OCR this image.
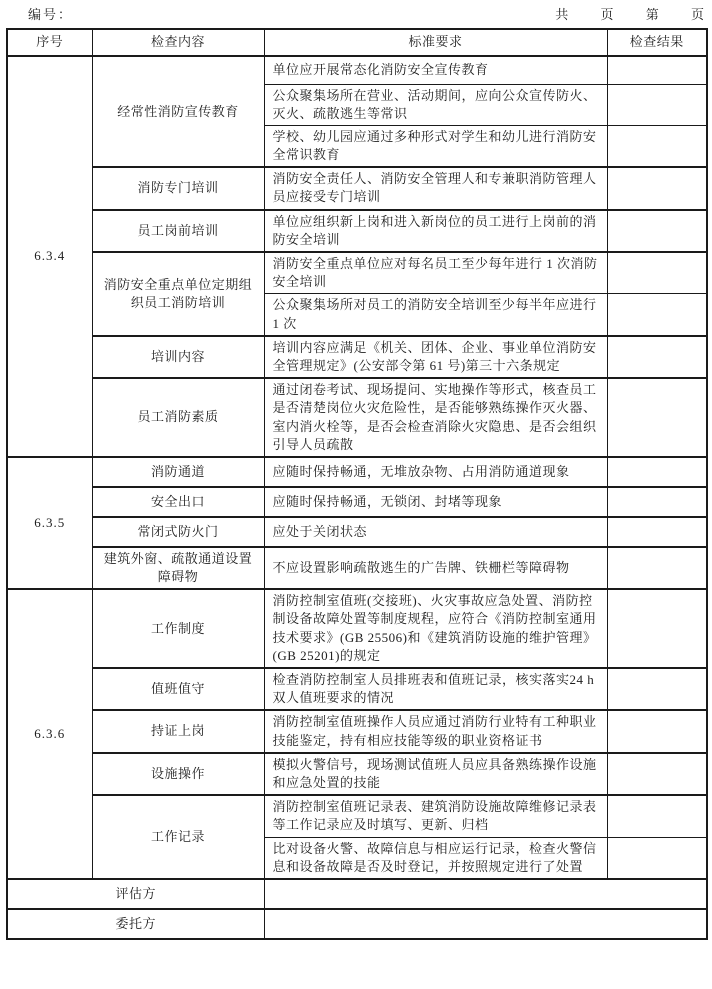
编号：	共 页 第 页
序号	检查内容	标准要求	检查结果
6.3.4	经常性消防宣传教育	单位应开展常态化消防安全宣传教育	
		公众聚集场所在营业、活动期间，应向公众宣传防火、灭火、疏散逃生等常识	
		学校、幼儿园应通过多种形式对学生和幼儿进行消防安全常识教育	
	消防专门培训	消防安全责任人、消防安全管理人和专兼职消防管理人员应接受专门培训	
	员工岗前培训	单位应组织新上岗和进入新岗位的员工进行上岗前的消防安全培训	
	消防安全重点单位定期组织员工消防培训	消防安全重点单位应对每名员工至少每年进行 1 次消防安全培训	
		公众聚集场所对员工的消防安全培训至少每半年应进行 1 次	
	培训内容	培训内容应满足《机关、团体、企业、事业单位消防安全管理规定》(公安部令第 61 号)第三十六条规定	
	员工消防素质	通过闭卷考试、现场提问、实地操作等形式，核查员工是否清楚岗位火灾危险性，是否能够熟练操作灭火器、室内消火栓等，是否会检查消除火灾隐患、是否会组织引导人员疏散	
6.3.5	消防通道	应随时保持畅通，无堆放杂物、占用消防通道现象	
	安全出口	应随时保持畅通，无锁闭、封堵等现象	
	常闭式防火门	应处于关闭状态	
	建筑外窗、疏散通道设置障碍物	不应设置影响疏散逃生的广告牌、铁栅栏等障碍物	
6.3.6	工作制度	消防控制室值班(交接班)、火灾事故应急处置、消防控制设备故障处置等制度规程，应符合《消防控制室通用技术要求》(GB 25506)和《建筑消防设施的维护管理》(GB 25201)的规定	
	值班值守	检查消防控制室人员排班表和值班记录，核实落实24 h双人值班要求的情况	
	持证上岗	消防控制室值班操作人员应通过消防行业特有工种职业技能鉴定，持有相应技能等级的职业资格证书	
	设施操作	模拟火警信号，现场测试值班人员应具备熟练操作设施和应急处置的技能	
	工作记录	消防控制室值班记录表、建筑消防设施故障维修记录表等工作记录应及时填写、更新、归档	
		比对设备火警、故障信息与相应运行记录，检查火警信息和设备故障是否及时登记，并按照规定进行了处置	
评估方			
委托方			
